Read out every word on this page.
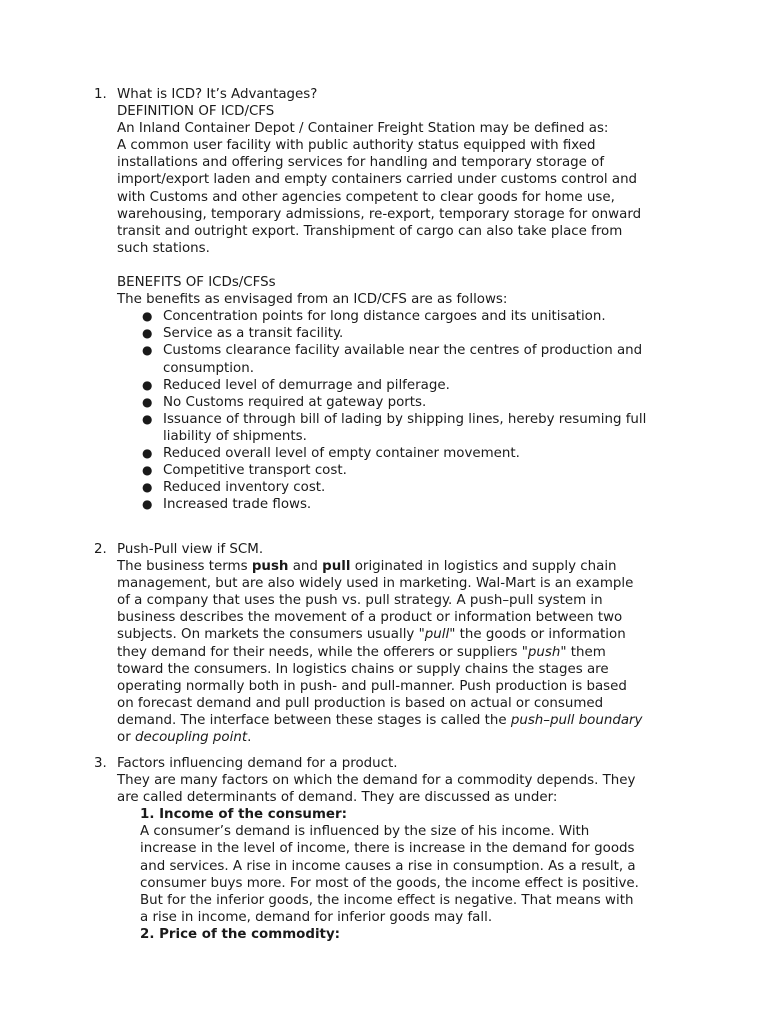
1. What is ICD? It’s Advantages?

DEFINITION OF ICD/CFS

An Inland Container Depot / Container Freight Station may be defined as:

A common user facility with public authority status equipped with fixed

installations and offering services for handling and temporary storage of

import/export laden and empty containers carried under customs control and

with Customs and other agencies competent to clear goods for home use,

warehousing, temporary admissions, re-export, temporary storage for onward

transit and outright export. Transhipment of cargo can also take place from

such stations.

BENEFITS OF ICDs/CFSs

The benefits as envisaged from an ICD/CFS are as follows:

● Concentration points for long distance cargoes and its unitisation.
● Service as a transit facility.
● Customs clearance facility available near the centres of production and
consumption.
● Reduced level of demurrage and pilferage.
● No Customs required at gateway ports.
● Issuance of through bill of lading by shipping lines, hereby resuming full
liability of shipments.
● Reduced overall level of empty container movement.
● Competitive transport cost.
● Reduced inventory cost.
● Increased trade flows.
2. Push-Pull view if SCM.

The business terms push and pull originated in logistics and supply chain

management, but are also widely used in marketing. Wal-Mart is an example

of a company that uses the push vs. pull strategy. A push–pull system in

business describes the movement of a product or information between two

subjects. On markets the consumers usually "pull" the goods or information

they demand for their needs, while the offerers or suppliers "push" them

toward the consumers. In logistics chains or supply chains the stages are

operating normally both in push- and pull-manner. Push production is based

on forecast demand and pull production is based on actual or consumed

demand. The interface between these stages is called the push–pull boundary

or decoupling point.

3. Factors influencing demand for a product.

They are many factors on which the demand for a commodity depends. They

are called determinants of demand. They are discussed as under:

1. Income of the consumer:

A consumer’s demand is influenced by the size of his income. With

increase in the level of income, there is increase in the demand for goods

and services. A rise in income causes a rise in consumption. As a result, a

consumer buys more. For most of the goods, the income effect is positive.

But for the inferior goods, the income effect is negative. That means with

a rise in income, demand for inferior goods may fall.

2. Price of the commodity:
